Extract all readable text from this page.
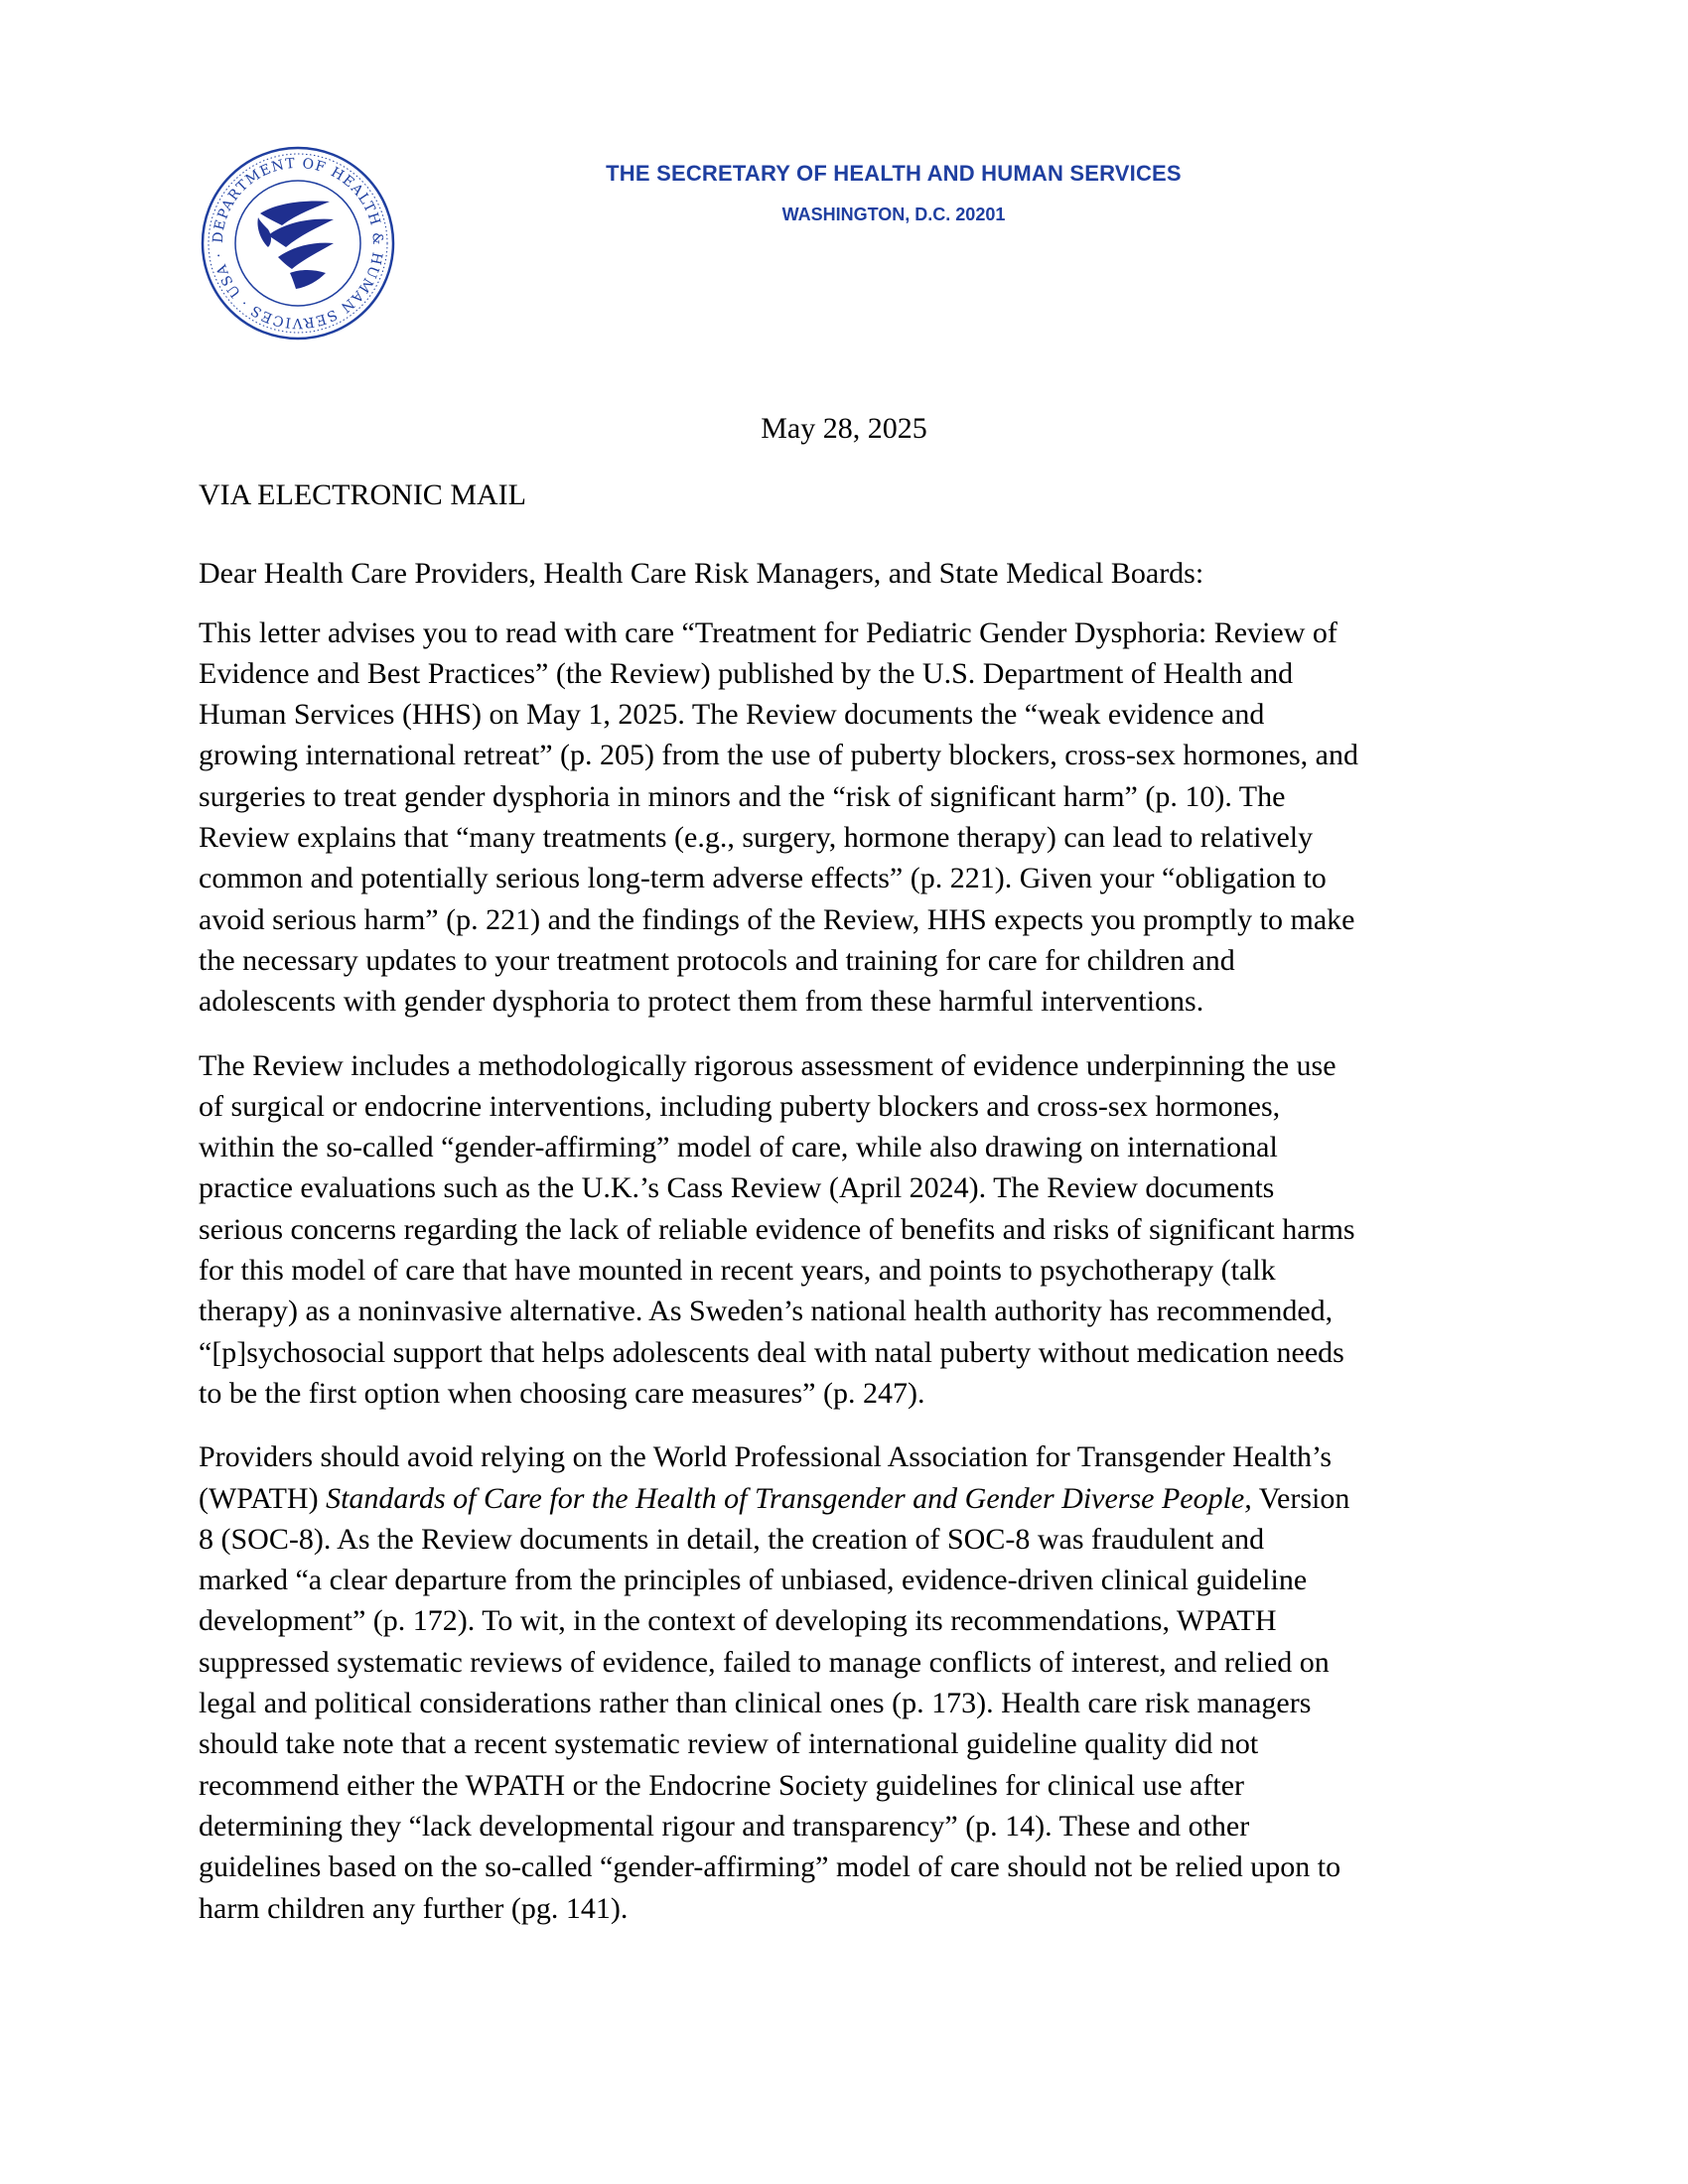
DEPARTMENT OF HEALTH & HUMAN SERVICES · USA ·
THE SECRETARY OF HEALTH AND HUMAN SERVICES
WASHINGTON, D.C. 20201
May 28, 2025

VIA ELECTRONIC MAIL

Dear Health Care Providers, Health Care Risk Managers, and State Medical Boards:

This letter advises you to read with care “Treatment for Pediatric Gender Dysphoria: Review of
Evidence and Best Practices” (the Review) published by the U.S. Department of Health and
Human Services (HHS) on May 1, 2025. The Review documents the “weak evidence and
growing international retreat” (p. 205) from the use of puberty blockers, cross-sex hormones, and
surgeries to treat gender dysphoria in minors and the “risk of significant harm” (p. 10). The
Review explains that “many treatments (e.g., surgery, hormone therapy) can lead to relatively
common and potentially serious long-term adverse effects” (p. 221). Given your “obligation to
avoid serious harm” (p. 221) and the findings of the Review, HHS expects you promptly to make
the necessary updates to your treatment protocols and training for care for children and
adolescents with gender dysphoria to protect them from these harmful interventions.

The Review includes a methodologically rigorous assessment of evidence underpinning the use
of surgical or endocrine interventions, including puberty blockers and cross-sex hormones,
within the so-called “gender-affirming” model of care, while also drawing on international
practice evaluations such as the U.K.’s Cass Review (April 2024). The Review documents
serious concerns regarding the lack of reliable evidence of benefits and risks of significant harms
for this model of care that have mounted in recent years, and points to psychotherapy (talk
therapy) as a noninvasive alternative. As Sweden’s national health authority has recommended,
“[p]sychosocial support that helps adolescents deal with natal puberty without medication needs
to be the first option when choosing care measures” (p. 247).

Providers should avoid relying on the World Professional Association for Transgender Health’s
(WPATH) Standards of Care for the Health of Transgender and Gender Diverse People, Version
8 (SOC-8). As the Review documents in detail, the creation of SOC-8 was fraudulent and
marked “a clear departure from the principles of unbiased, evidence-driven clinical guideline
development” (p. 172). To wit, in the context of developing its recommendations, WPATH
suppressed systematic reviews of evidence, failed to manage conflicts of interest, and relied on
legal and political considerations rather than clinical ones (p. 173). Health care risk managers
should take note that a recent systematic review of international guideline quality did not
recommend either the WPATH or the Endocrine Society guidelines for clinical use after
determining they “lack developmental rigour and transparency” (p. 14). These and other
guidelines based on the so-called “gender-affirming” model of care should not be relied upon to
harm children any further (pg. 141).
